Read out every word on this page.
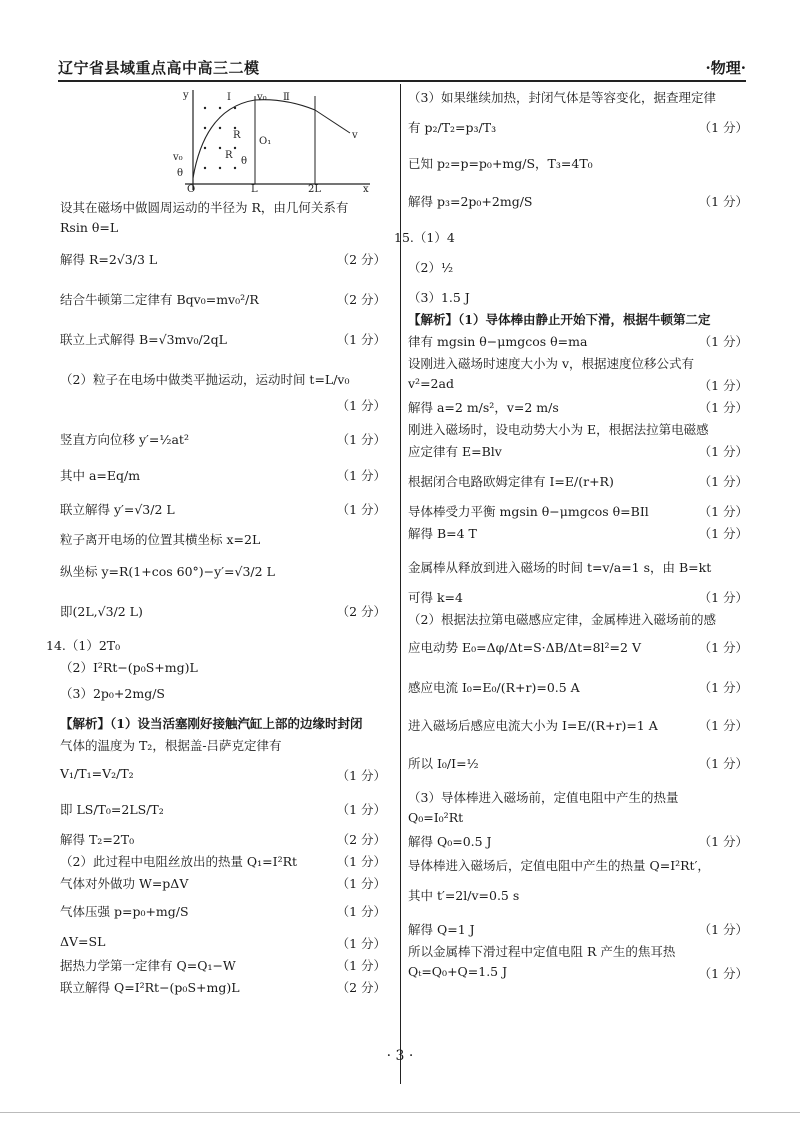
辽宁省县域重点高中高三二模	·物理·
y	Ⅰ	v₀ Ⅱ
R
O₁
R
θ
v
v₀
θ
O	L	2L	x
设其在磁场中做圆周运动的半径为 R，由几何关系有
Rsin θ=L
解得 R=2√3/3 L	（2 分）
结合牛顿第二定律有 Bqv₀=mv₀²/R	（2 分）
联立上式解得 B=√3mv₀/2qL	（1 分）
（2）粒子在电场中做类平抛运动，运动时间 t=L/v₀
（1 分）
竖直方向位移 y′=½at²	（1 分）
其中 a=Eq/m	（1 分）
联立解得 y′=√3/2 L	（1 分）
粒子离开电场的位置其横坐标 x=2L
纵坐标 y=R(1+cos 60°)−y′=√3/2 L
即(2L,√3/2 L)	（2 分）
14.（1）2T₀
（2）I²Rt−(p₀S+mg)L
（3）2p₀+2mg/S
【解析】（1）设当活塞刚好接触汽缸上部的边缘时封闭
气体的温度为 T₂，根据盖-吕萨克定律有
V₁/T₁=V₂/T₂	（1 分）
即 LS/T₀=2LS/T₂	（1 分）
解得 T₂=2T₀	（2 分）
（2）此过程中电阻丝放出的热量 Q₁=I²Rt	（1 分）
气体对外做功 W=pΔV	（1 分）
气体压强 p=p₀+mg/S	（1 分）
ΔV=SL	（1 分）
据热力学第一定律有 Q=Q₁−W	（1 分）
联立解得 Q=I²Rt−(p₀S+mg)L	（2 分）
（3）如果继续加热，封闭气体是等容变化，据查理定律
有 p₂/T₂=p₃/T₃	（1 分）
已知 p₂=p=p₀+mg/S，T₃=4T₀
解得 p₃=2p₀+2mg/S	（1 分）
15.（1）4
（2）½
（3）1.5 J
【解析】（1）导体棒由静止开始下滑，根据牛顿第二定
律有 mgsin θ−μmgcos θ=ma	（1 分）
设刚进入磁场时速度大小为 v，根据速度位移公式有
v²=2ad	（1 分）
解得 a=2 m/s²，v=2 m/s	（1 分）
刚进入磁场时，设电动势大小为 E，根据法拉第电磁感
应定律有 E=Blv	（1 分）
根据闭合电路欧姆定律有 I=E/(r+R)	（1 分）
导体棒受力平衡 mgsin θ−μmgcos θ=BIl	（1 分）
解得 B=4 T	（1 分）
金属棒从释放到进入磁场的时间 t=v/a=1 s，由 B=kt
可得 k=4	（1 分）
（2）根据法拉第电磁感应定律，金属棒进入磁场前的感
应电动势 E₀=Δφ/Δt=S·ΔB/Δt=8l²=2 V	（1 分）
感应电流 I₀=E₀/(R+r)=0.5 A	（1 分）
进入磁场后感应电流大小为 I=E/(R+r)=1 A	（1 分）
所以 I₀/I=½	（1 分）
（3）导体棒进入磁场前，定值电阻中产生的热量
Q₀=I₀²Rt
解得 Q₀=0.5 J	（1 分）
导体棒进入磁场后，定值电阻中产生的热量 Q=I²Rt′，
其中 t′=2l/v=0.5 s
解得 Q=1 J	（1 分）
所以金属棒下滑过程中定值电阻 R 产生的焦耳热
Qₜ=Q₀+Q=1.5 J	（1 分）
· 3 ·
